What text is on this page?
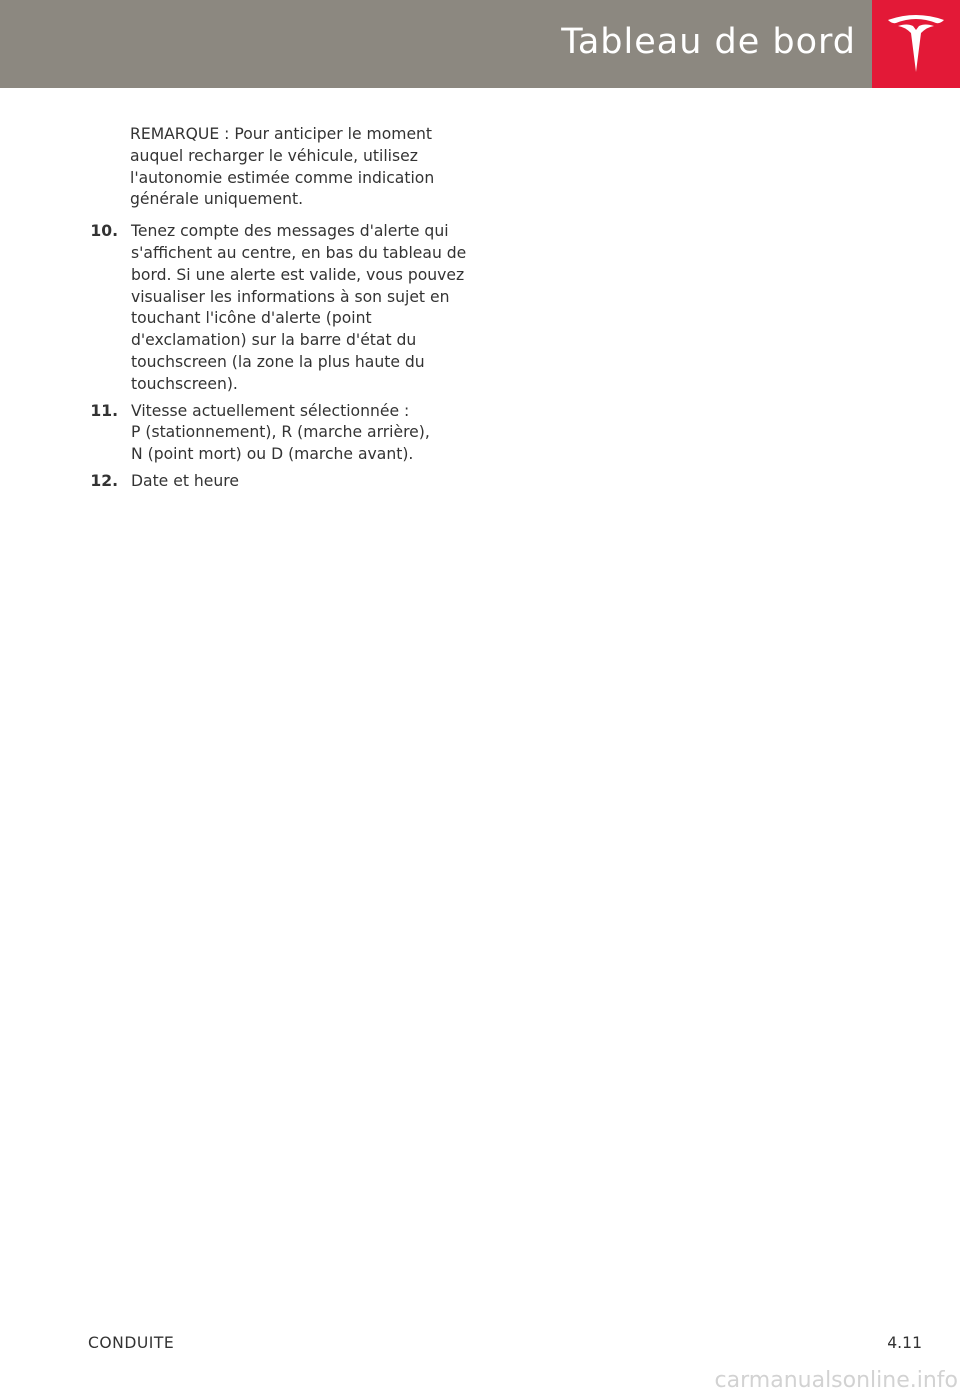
Tableau de bord
REMARQUE : Pour anticiper le moment auquel recharger le véhicule, utilisez l'autonomie estimée comme indication générale uniquement.
10. Tenez compte des messages d'alerte qui s'affichent au centre, en bas du tableau de bord. Si une alerte est valide, vous pouvez visualiser les informations à son sujet en touchant l'icône d'alerte (point d'exclamation) sur la barre d'état du touchscreen (la zone la plus haute du touchscreen).
11. Vitesse actuellement sélectionnée :
P (stationnement), R (marche arrière),
N (point mort) ou D (marche avant).
12. Date et heure
CONDUITE	4.11
carmanualsonline.info
